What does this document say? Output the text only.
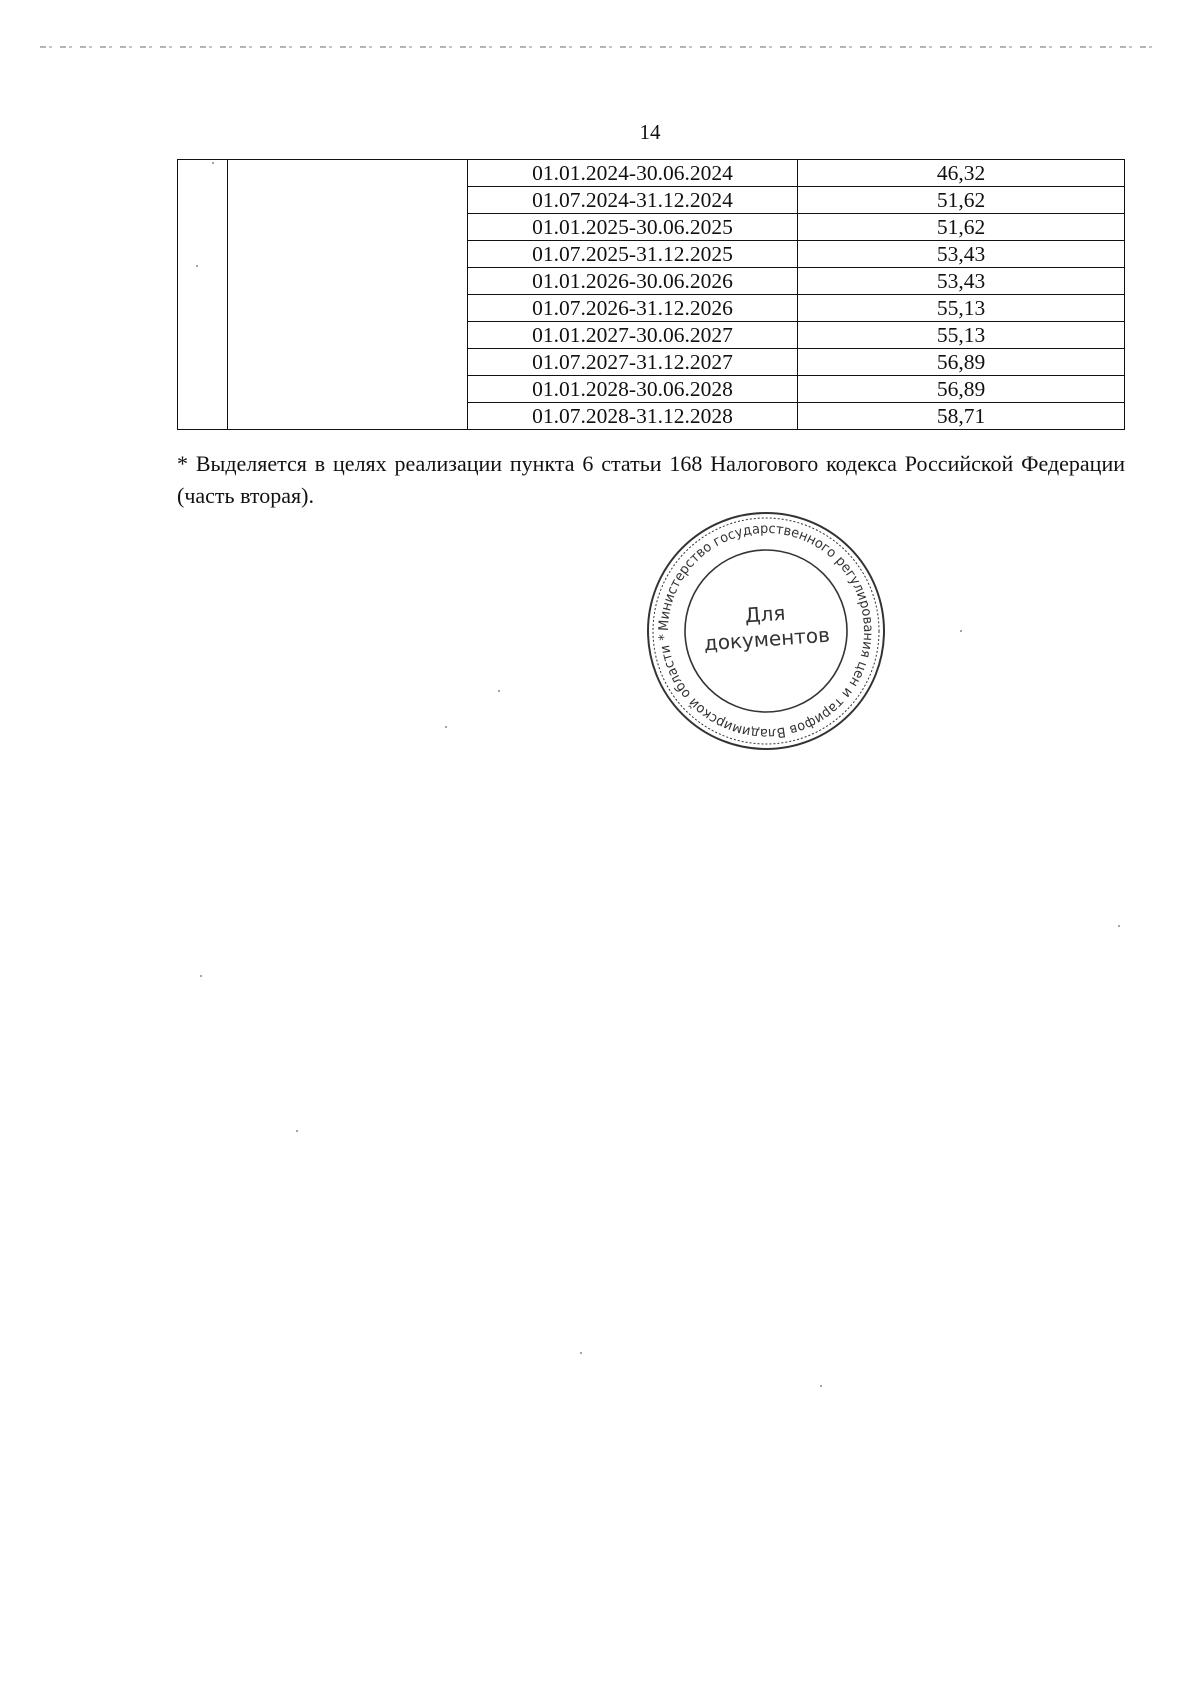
14
		01.01.2024-30.06.2024	46,32
		01.07.2024-31.12.2024	51,62
		01.01.2025-30.06.2025	51,62
		01.07.2025-31.12.2025	53,43
		01.01.2026-30.06.2026	53,43
		01.07.2026-31.12.2026	55,13
		01.01.2027-30.06.2027	55,13
		01.07.2027-31.12.2027	56,89
		01.01.2028-30.06.2028	56,89
		01.07.2028-31.12.2028	58,71
* Выделяется в целях реализации пункта 6 статьи 168 Налогового кодекса Российской Федерации (часть вторая).
Министерство государственного регулирования цен и тарифов Владимирской области *
Для
документов
